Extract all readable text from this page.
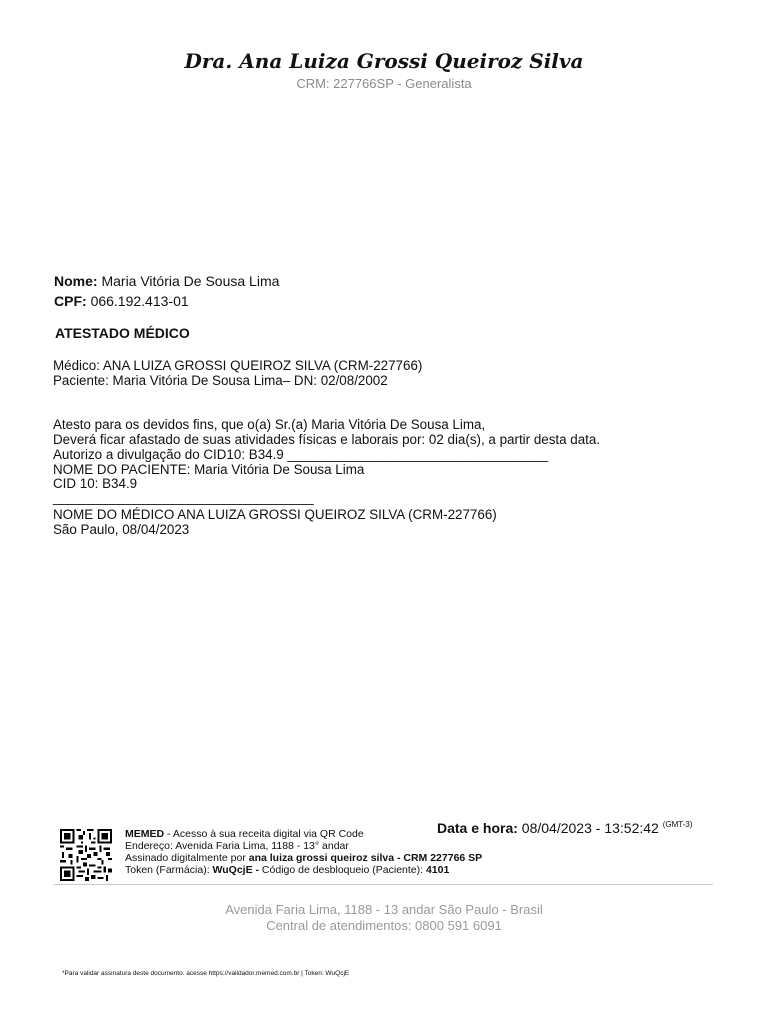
Dra. Ana Luiza Grossi Queiroz Silva
CRM: 227766SP - Generalista
Nome: Maria Vitória De Sousa Lima
CPF: 066.192.413-01
ATESTADO MÉDICO
Médico: ANA LUIZA GROSSI QUEIROZ SILVA (CRM-227766)
Paciente: Maria Vitória De Sousa Lima– DN: 02/08/2002
Atesto para os devidos fins, que o(a) Sr.(a) Maria Vitória De Sousa Lima,
Deverá ficar afastado de suas atividades físicas e laborais por: 02 dia(s), a partir desta data.
Autorizo a divulgação do CID10: B34.9 ___________________________________
NOME DO PACIENTE: Maria Vitória De Sousa Lima
CID 10: B34.9
___________________________________
NOME DO MÉDICO ANA LUIZA GROSSI QUEIROZ SILVA (CRM-227766)
São Paulo, 08/04/2023
MEMED - Acesso à sua receita digital via QR Code
Endereço: Avenida Faria Lima, 1188 - 13° andar
Assinado digitalmente por ana luiza grossi queiroz silva - CRM 227766 SP
Token (Farmácia): WuQcjE - Código de desbloqueio (Paciente): 4101
Data e hora: 08/04/2023 - 13:52:42 $^{(GMT-3)}$
Avenida Faria Lima, 1188 - 13 andar São Paulo - Brasil
Central de atendimentos: 0800 591 6091
*Para validar assinatura deste documento. acesse https://validador.memed.com.br | Token: WuQcjE
